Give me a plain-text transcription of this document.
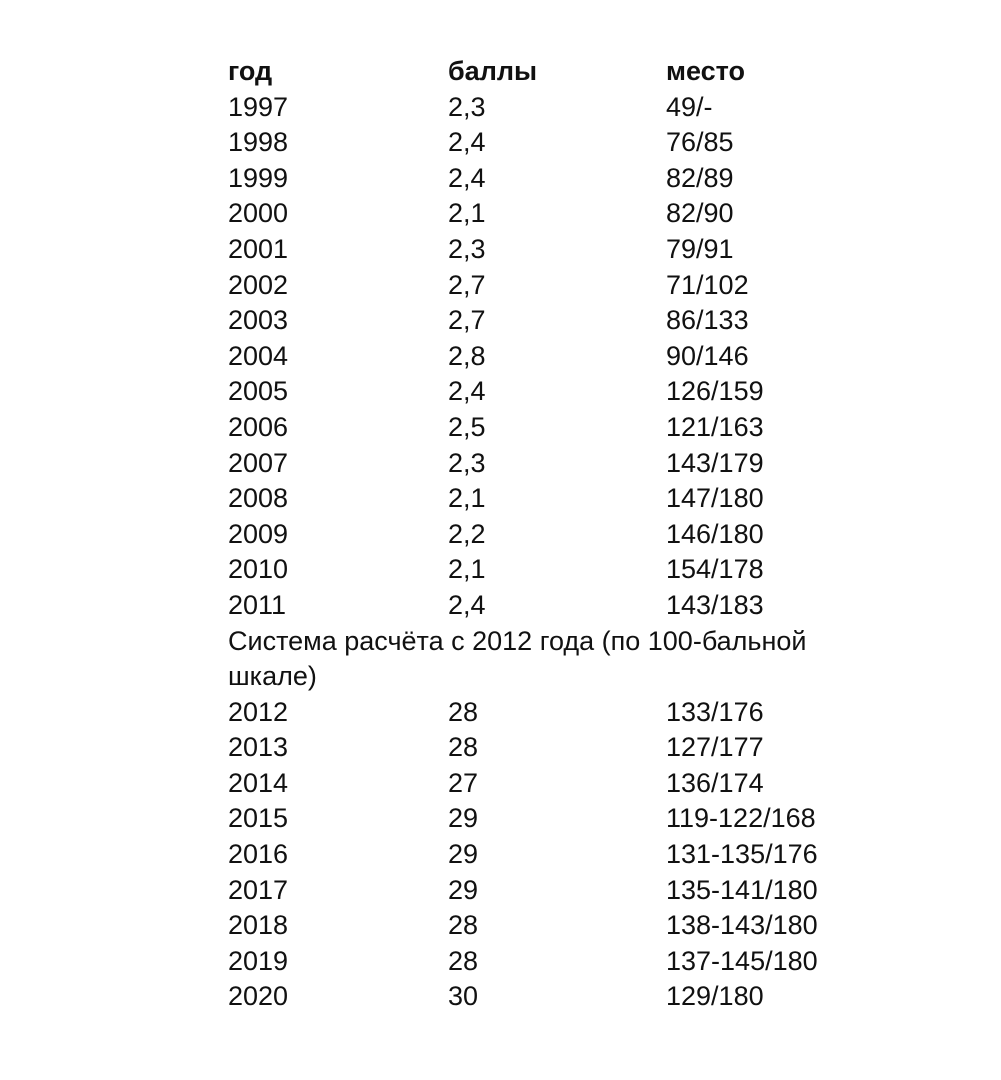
год	баллы	место
1997	2,3	49/-
1998	2,4	76/85
1999	2,4	82/89
2000	2,1	82/90
2001	2,3	79/91
2002	2,7	71/102
2003	2,7	86/133
2004	2,8	90/146
2005	2,4	126/159
2006	2,5	121/163
2007	2,3	143/179
2008	2,1	147/180
2009	2,2	146/180
2010	2,1	154/178
2011	2,4	143/183
Система расчёта с 2012 года (по 100-бальной шкале)
2012	28	133/176
2013	28	127/177
2014	27	136/174
2015	29	119-122/168
2016	29	131-135/176
2017	29	135-141/180
2018	28	138-143/180
2019	28	137-145/180
2020	30	129/180
